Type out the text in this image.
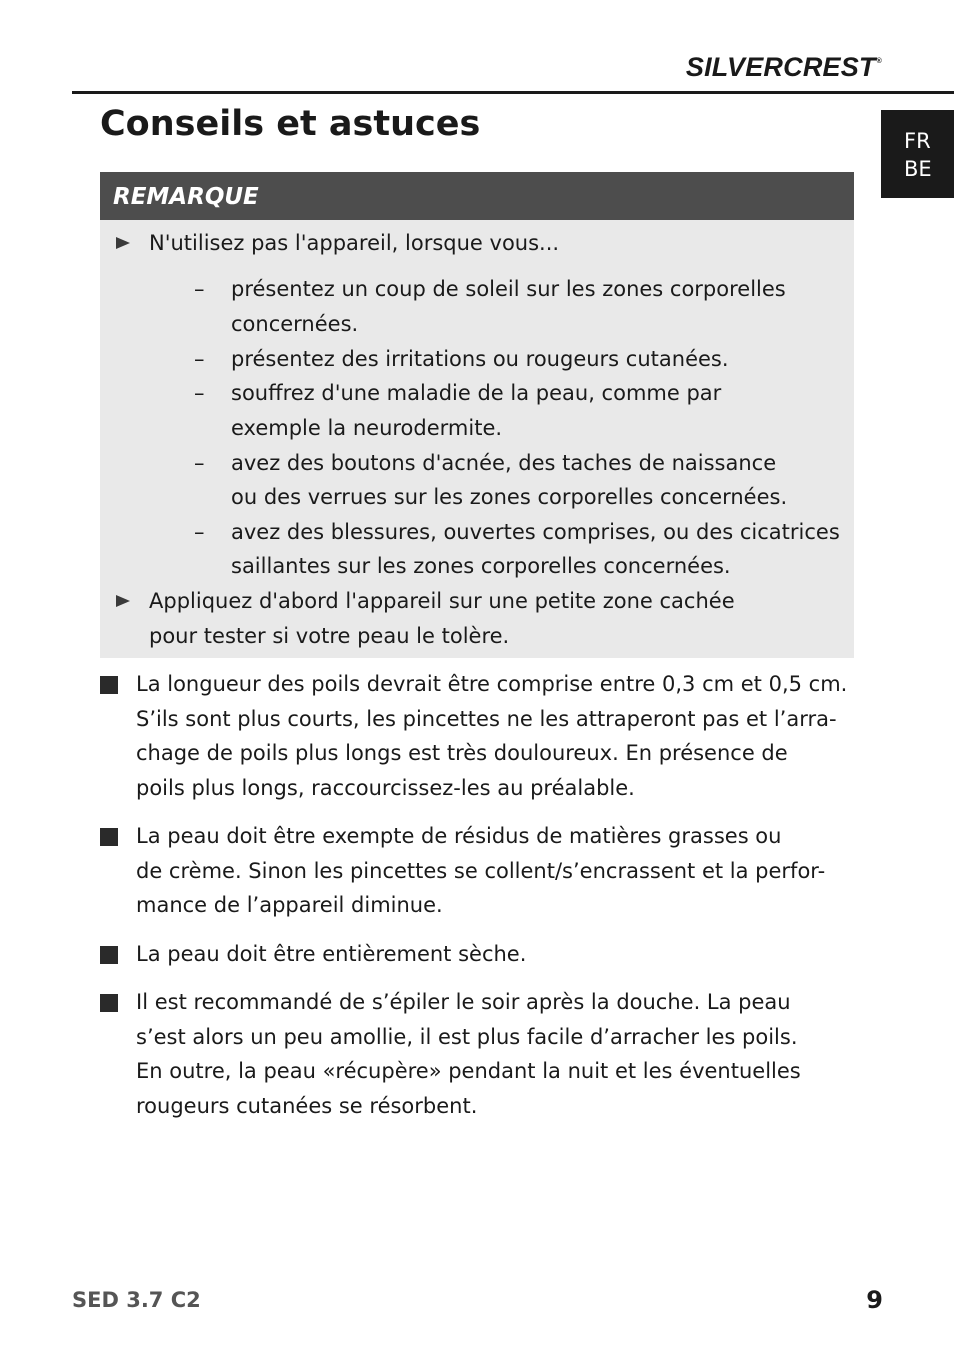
SILVERCREST®
FR
BE
Conseils et astuces
REMARQUE
N'utilisez pas l'appareil, lorsque vous...
– présentez un coup de soleil sur les zones corporelles
concernées.
– présentez des irritations ou rougeurs cutanées.
– souffrez d'une maladie de la peau, comme par
exemple la neurodermite.
– avez des boutons d'acnée, des taches de naissance
ou des verrues sur les zones corporelles concernées.
– avez des blessures, ouvertes comprises, ou des cicatrices
saillantes sur les zones corporelles concernées.
Appliquez d'abord l'appareil sur une petite zone cachée
pour tester si votre peau le tolère.
La longueur des poils devrait être comprise entre 0,3 cm et 0,5 cm.
S’ils sont plus courts, les pincettes ne les attraperont pas et l’arra-
chage de poils plus longs est très douloureux. En présence de
poils plus longs, raccourcissez-les au préalable.
La peau doit être exempte de résidus de matières grasses ou
de crème. Sinon les pincettes se collent/s’encrassent et la perfor-
mance de l’appareil diminue.
La peau doit être entièrement sèche.
Il est recommandé de s’épiler le soir après la douche. La peau
s’est alors un peu amollie, il est plus facile d’arracher les poils.
En outre, la peau «récupère» pendant la nuit et les éventuelles
rougeurs cutanées se résorbent.
SED 3.7 C2	9
